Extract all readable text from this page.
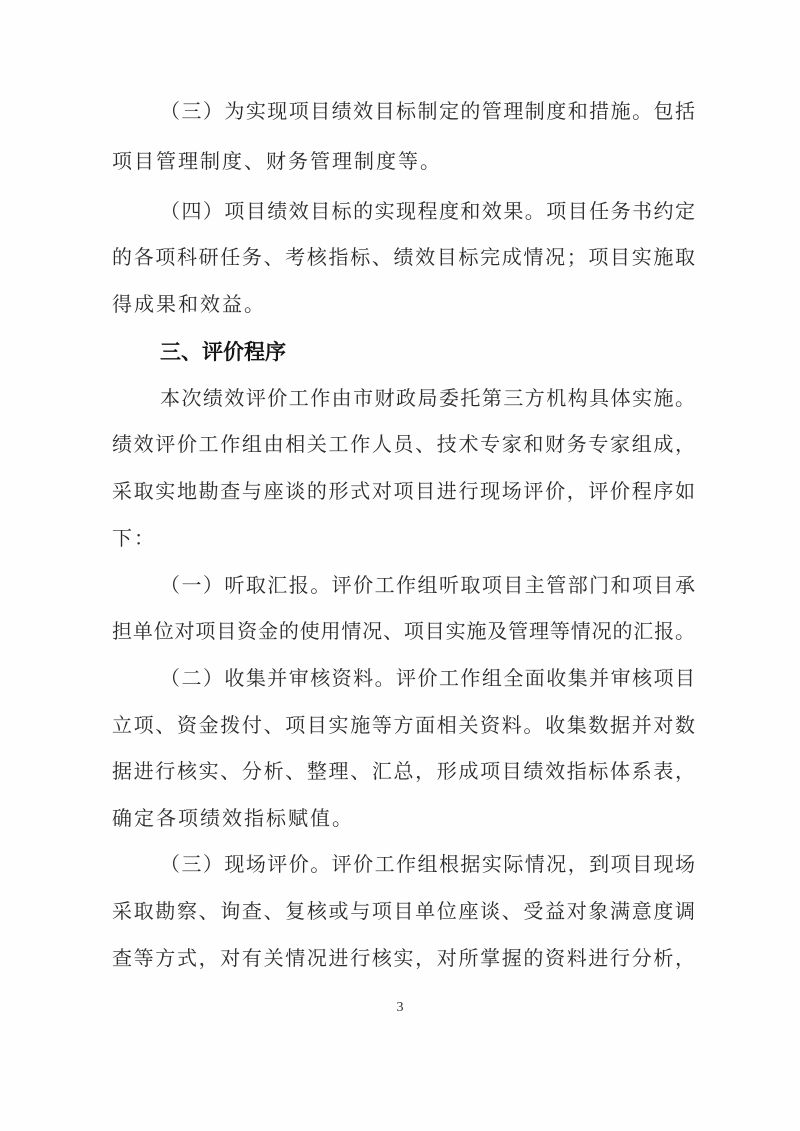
（三）为实现项目绩效目标制定的管理制度和措施。包括

项目管理制度、财务管理制度等。

（四）项目绩效目标的实现程度和效果。项目任务书约定

的各项科研任务、考核指标、绩效目标完成情况；项目实施取

得成果和效益。

三、评价程序

本次绩效评价工作由市财政局委托第三方机构具体实施。

绩效评价工作组由相关工作人员、技术专家和财务专家组成，

采取实地勘查与座谈的形式对项目进行现场评价，评价程序如

下：

（一）听取汇报。评价工作组听取项目主管部门和项目承

担单位对项目资金的使用情况、项目实施及管理等情况的汇报。

（二）收集并审核资料。评价工作组全面收集并审核项目

立项、资金拨付、项目实施等方面相关资料。收集数据并对数

据进行核实、分析、整理、汇总，形成项目绩效指标体系表，

确定各项绩效指标赋值。

（三）现场评价。评价工作组根据实际情况，到项目现场

采取勘察、询查、复核或与项目单位座谈、受益对象满意度调

查等方式，对有关情况进行核实，对所掌握的资料进行分析，

3
